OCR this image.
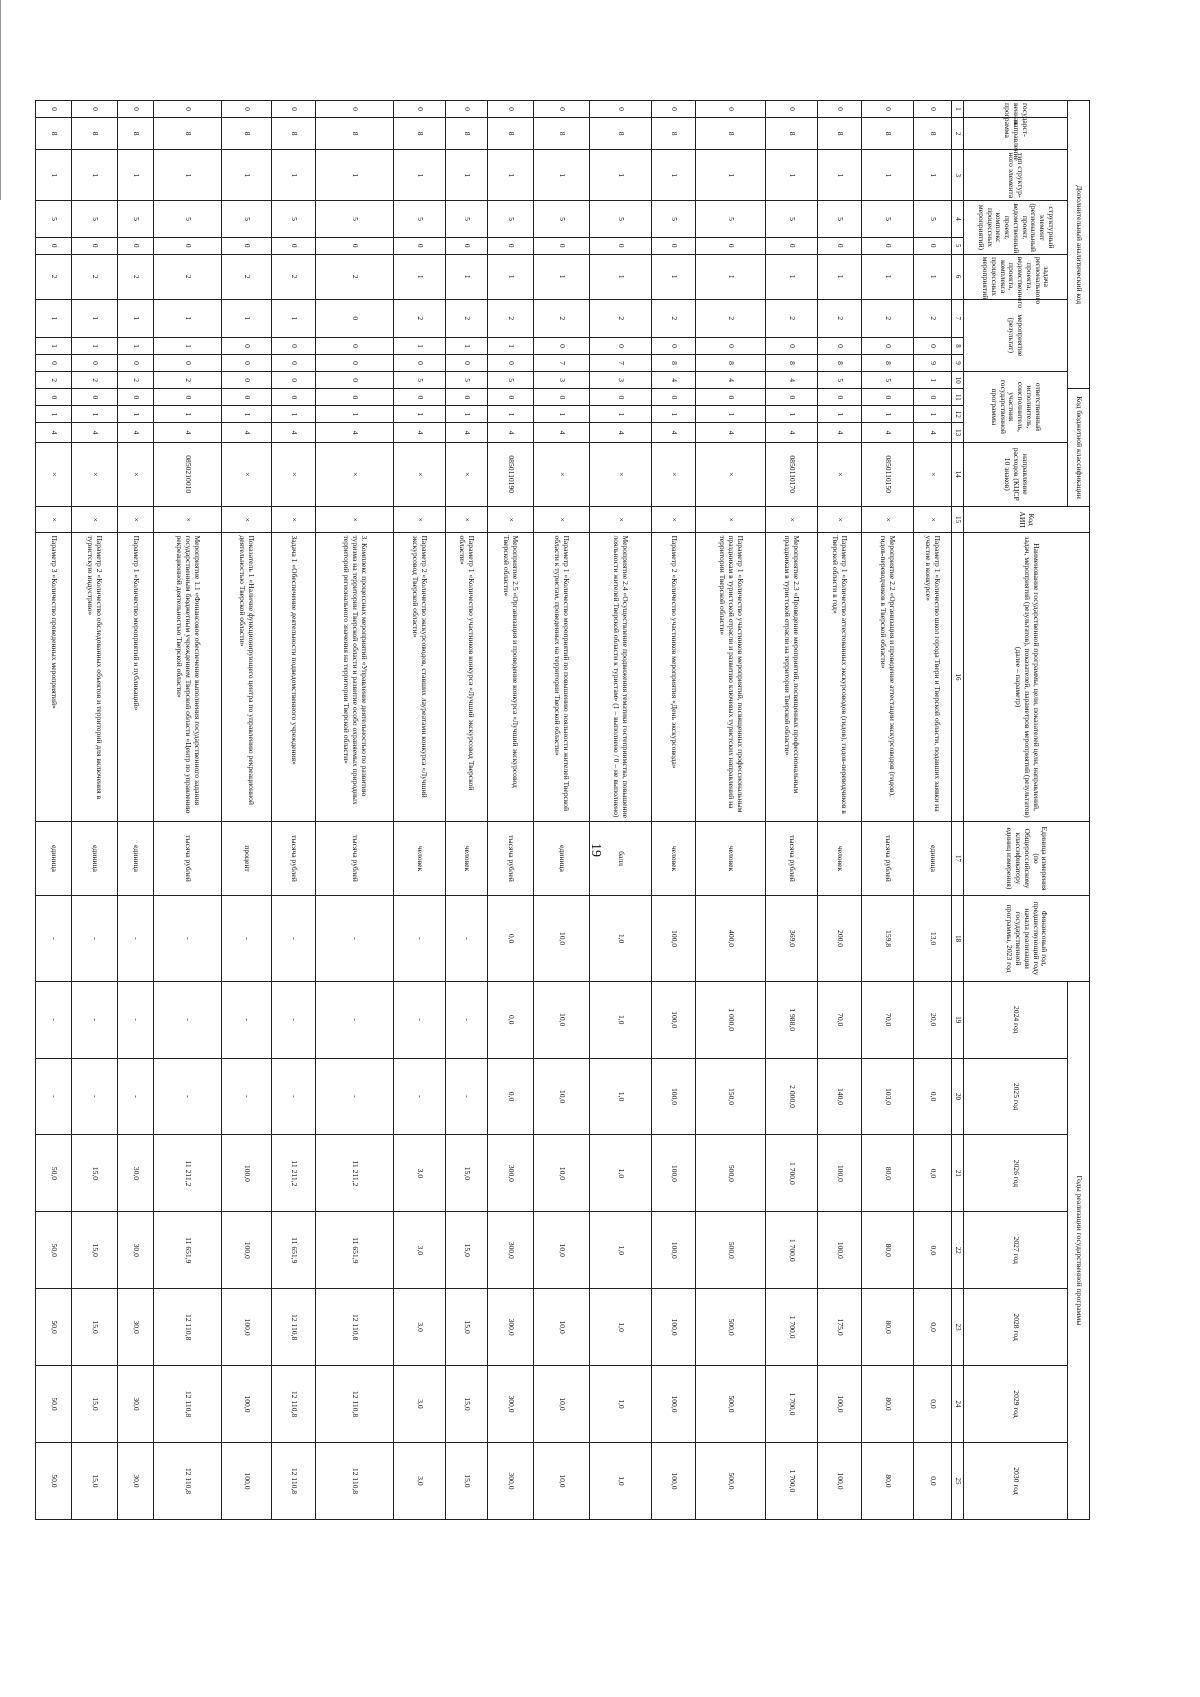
19
Дополнительный аналитический код										Код бюджетной классификации				Код АИП	Наименование государственной программы, цели, показателей цели, направлений, задач, мероприятий (результатов), показателей, параметров мероприятий (результатов) (далее – параметр)	Единица измерения (по Общероссийскому классификатору единиц измерения)	Финансовый год, предшествующий году начала реализации государственной программы, 2023 год	Годы реализации государственной программы						
государст-венная программа	направление	тип структур-ного элемента	структурный элемент (региональный проект, ведомственный проект, комплекс процессных мероприятий)		задача регионального проекта, ведомственного проекта, комплекса процессных мероприятий	мероприятие (результат)			ответственный исполнитель, соисполнитель, участник государственной программы				направление расходов (КЦСР 10 знаков)					2024 год	2025 год	2026 год	2027 год	2028 год	2029 год	2030 год

1	2	3	4	5	6	7	8	9	10	11	12	13	14	15	16	17	18	19	20	21	22	23	24	25
0	8	1	5	0	1	2	0	9	1	0	1	4	×	×	Параметр 1 «Количество школ города Твери и Тверской области, подавших заявки на участие в конкурсе»	единица	13,0	20,0	0,0	0,0	0,0	0,0	0,0	0,0
0	8	1	5	0	1	2	0	8	5	0	1	4	0850110150	×	Мероприятие 2.2 «Организация и проведение аттестации экскурсоводов (гидов), гидов-переводчиков в Тверской области»	тысяча рублей	159,8	70,0	103,0	80,0	80,0	80,0	80,0	80,0
0	8	1	5	0	1	2	0	8	5	0	1	4	×	×	Параметр 1 «Количество аттестованных экскурсоводов (гидов), гидов-переводчиков в Тверской области в год»	человек	200,0	70,0	140,0	100,0	100,0	175,0	100,0	100,0
0	8	1	5	0	1	2	0	8	4	0	1	4	0850110170	×	Мероприятие 2.3 «Проведение мероприятий, посвященных профессиональным праздникам в туристской отрасли на территории Тверской области»	тысяча рублей	369,0	1 988,0	2 000,0	1 700,0	1 700,0	1 700,0	1 700,0	1 700,0
0	8	1	5	0	1	2	0	8	4	0	1	4	×	×	Параметр 1 «Количество участников мероприятий, посвященных профессиональным праздникам в туристской отрасли и развитию ключевых туристских направлений на территории Тверской области»	человек	400,0	1 000,0	150,0	500,0	500,0	500,0	500,0	500,0
0	8	1	5	0	1	2	0	8	4	0	1	4	×	×	Параметр 2 «Количество участников мероприятия «День экскурсовода»	человек	100,0	100,0	100,0	100,0	100,0	100,0	100,0	100,0
0	8	1	5	0	1	2	0	7	3	0	1	4	×	×	Мероприятие 2.4 «Осуществление продвижения тематики гостеприимства, повышение лояльности жителей Тверской области к туристам» (1 – выполнено / 0 – не выполнено)	балл	1,0	1,0	1,0	1,0	1,0	1,0	1,0	1,0
0	8	1	5	0	1	2	0	7	3	0	1	4	×	×	Параметр 1 «Количество мероприятий по повышению лояльности жителей Тверской области к туристам, проведенных на территории Тверской области»	единица	10,0	10,0	10,0	10,0	10,0	10,0	10,0	10,0
0	8	1	5	0	1	2	1	0	5	0	1	4	0850110190	×	Мероприятие 2.5 «Организация и проведение конкурса «Лучший экскурсовод Тверской области»	тысяча рублей	0,0	0,0	0,0	300,0	300,0	300,0	300,0	300,0
0	8	1	5	0	1	2	1	0	5	0	1	4	×	×	Параметр 1 «Количество участников конкурса «Лучший экскурсовод Тверской области»	человек	-	-	-	15,0	15,0	15,0	15,0	15,0
0	8	1	5	0	1	2	1	0	5	0	1	4	×	×	Параметр 2 «Количество экскурсоводов, ставших лауреатами конкурса «Лучший экскурсовод Тверской области»	человек	-	-	-	3,0	3,0	3,0	3,0	3,0
0	8	1	5	0	2	0	0	0	0	0	1	4	×	×	3. Комплекс процессных мероприятий «Управление деятельностью по развитию туризма на территории Тверской области и развитие особо охраняемых природных территорий регионального значения на территории Тверской области»	тысяча рублей	-	-	-	11 211,2	11 651,9	12 110,8	12 110,8	12 110,8
0	8	1	5	0	2	1	0	0	0	0	1	4	×	×	Задача 1 «Обеспечение деятельности подведомственного учреждения»	тысяча рублей	-	-	-	11 211,2	11 651,9	12 110,8	12 110,8	12 110,8
0	8	1	5	0	2	1	0	0	0	0	1	4	×	×	Показатель 1 «Наличие функционирующего центра по управлению рекреационной деятельностью Тверской области»	процент	-	-	-	100,0	100,0	100,0	100,0	100,0
0	8	1	5	0	2	1	1	0	2	0	1	4	0850210010	×	Мероприятие 1.1 «Финансовое обеспечение выполнения государственного задания государственным бюджетным учреждением Тверской области «Центр по управлению рекреационной деятельностью Тверской области»	тысяча рублей	-	-	-	11 211,2	11 651,9	12 110,8	12 110,8	12 110,8
0	8	1	5	0	2	1	1	0	2	0	1	4	×	×	Параметр 1 «Количество мероприятий и публикаций»	единица	-	-	-	30,0	30,0	30,0	30,0	30,0
0	8	1	5	0	2	1	1	0	2	0	1	4	×	×	Параметр 2 «Количество обследованных объектов и территорий для включения в туристскую индустрию»	единица	-	-	-	15,0	15,0	15,0	15,0	15,0
0	8	1	5	0	2	1	1	0	2	0	1	4	×	×	Параметр 3 «Количество проведенных мероприятий»	единица	-	-	-	50,0	50,0	50,0	50,0	50,0
